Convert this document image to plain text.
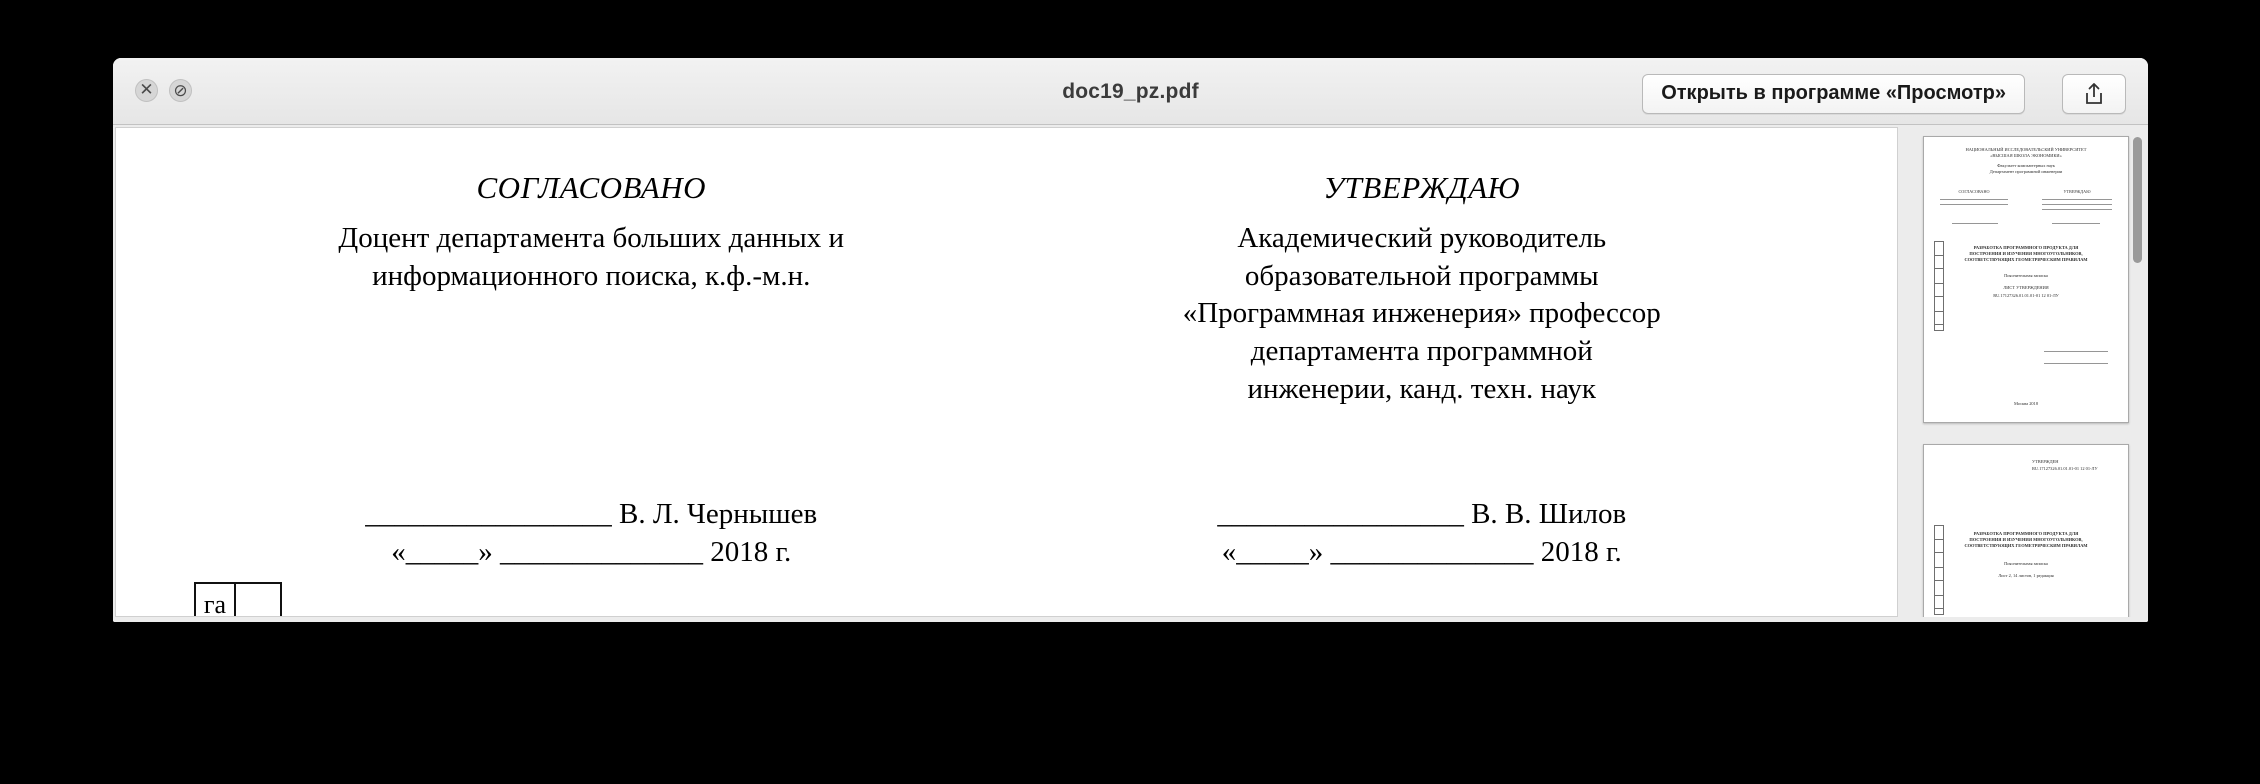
✕ ⊘	doc19_pz.pdf	Открыть в программе «Просмотр»
СОГЛАСОВАНО
Доцент департамента больших данных и
информационного поиска, к.ф.-м.н.
УТВЕРЖДАЮ
Академический руководитель
образовательной программы
«Программная инженерия» профессор
департамента программной
инженерии, канд. техн. наук
_________________ В. Л. Чернышев
«_____» ______________ 2018 г.
_________________ В. В. Шилов
«_____» ______________ 2018 г.
га
НАЦИОНАЛЬНЫЙ ИССЛЕДОВАТЕЛЬСКИЙ УНИВЕРСИТЕТ
«ВЫСШАЯ ШКОЛА ЭКОНОМИКИ»
Факультет компьютерных наук
Департамент программной инженерии
СОГЛАСОВАНО	УТВЕРЖДАЮ
РАЗРАБОТКА ПРОГРАММНОГО ПРОДУКТА ДЛЯ
ПОСТРОЕНИЯ И ИЗУЧЕНИЯ МНОГОУГОЛЬНИКОВ,
СООТВЕТСТВУЮЩИХ ГЕОМЕТРИЧЕСКИМ ПРАВИЛАМ
Пояснительная записка
ЛИСТ УТВЕРЖДЕНИЯ
RU.17127326.01.01.01-01 12 01-ЛУ
Москва 2018
УТВЕРЖДЕН
RU.17127326.01.01.01-01 12 01-ЛУ
РАЗРАБОТКА ПРОГРАММНОГО ПРОДУКТА ДЛЯ
ПОСТРОЕНИЯ И ИЗУЧЕНИЯ МНОГОУГОЛЬНИКОВ,
СООТВЕТСТВУЮЩИХ ГЕОМЕТРИЧЕСКИМ ПРАВИЛАМ
Пояснительная записка
Лист 2, 14 листов, 1 редакция
